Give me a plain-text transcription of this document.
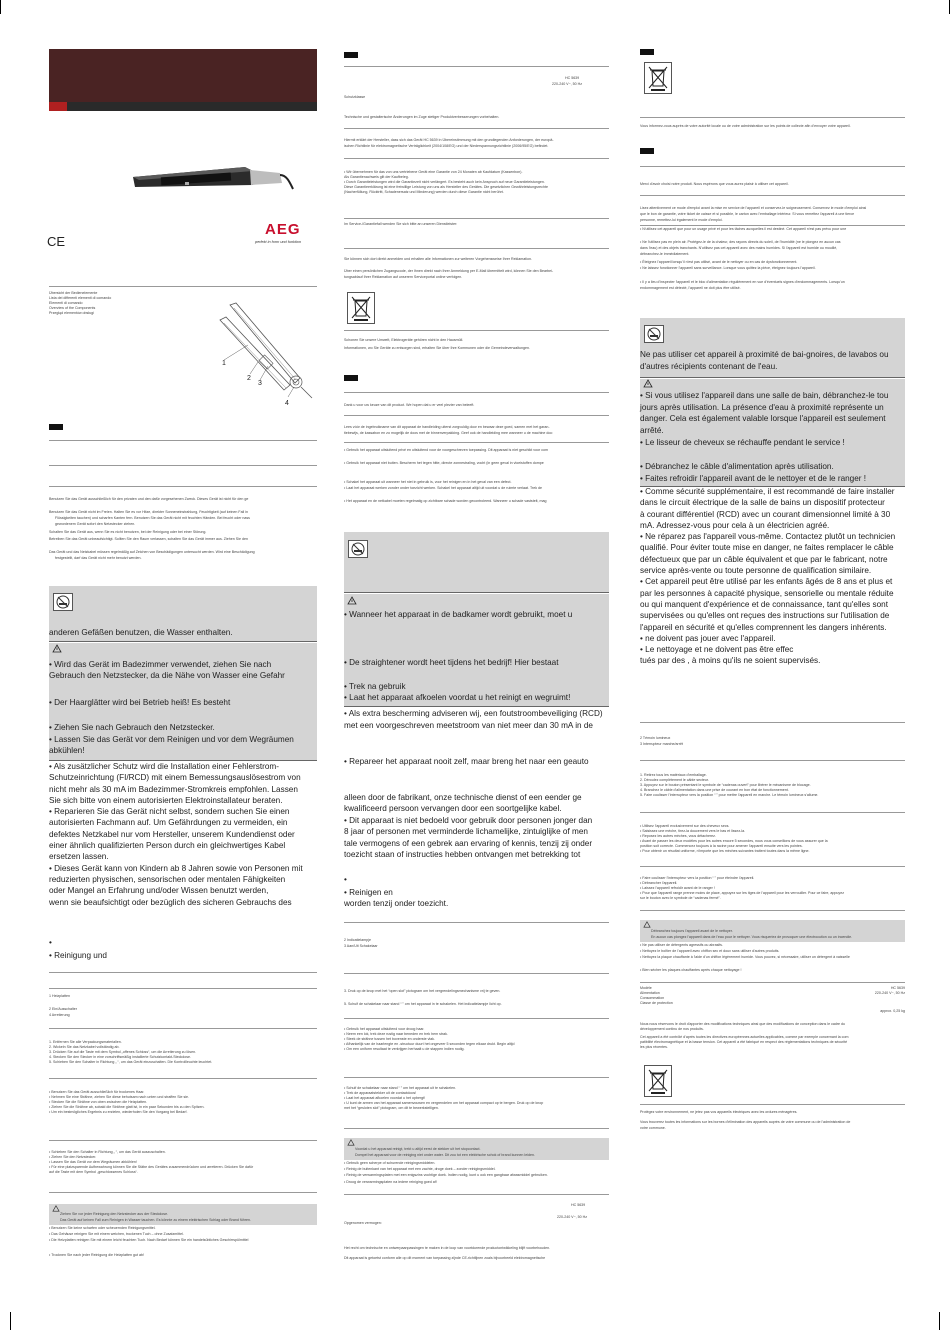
CE
AEG
perfekt in form und funktion
Übersicht der Bedienelemente
Lista dei differenti elementi di comando
Elementi di comando
Overview of the Components
Przegląd elementów obsługi
1
2
3
4
Benutzen Sie das Gerät ausschließlich für den privaten und den dafür vorgesehenen Zweck. Dieses Gerät ist nicht für den ge
Benutzen Sie das Gerät nicht im Freien. Halten Sie es vor Hitze, direkter Sonneneinstrahlung, Feuchtigkeit (auf keinen Fall in
Flüssigkeiten tauchen) und scharfen Kanten fern. Benutzen Sie das Gerät nicht mit feuchten Händen. Bei feucht oder nass
gewordenem Gerät sofort den Netzstecker ziehen.
Schalten Sie das Gerät aus, wenn Sie es nicht benutzen, bei der Reinigung oder bei einer Störung.
Betreiben Sie das Gerät unbeaufsichtigt. Sollten Sie den Raum verlassen, schalten Sie das Gerät immer aus. Ziehen Sie den
Das Gerät und das Netzkabel müssen regelmäßig auf Zeichen von Beschädigungen untersucht werden. Wird eine Beschädigung
festgestellt, darf das Gerät nicht mehr benutzt werden.
anderen Gefäßen benutzen, die Wasser enthalten.
• Wird das Gerät im Badezimmer verwendet, ziehen Sie nach
Gebrauch den Netzstecker, da die Nähe von Wasser eine Gefahr
• Der Haarglätter wird bei Betrieb heiß! Es besteht
• Ziehen Sie nach Gebrauch den Netzstecker.
• Lassen Sie das Gerät vor dem Reinigen und vor dem Wegräumen
abkühlen!
• Als zusätzlicher Schutz wird die Installation einer Fehlerstrom-
Schutzeinrichtung (FI/RCD) mit einem Bemessungsauslösestrom von
nicht mehr als 30 mA im Badezimmer-Stromkreis empfohlen. Lassen
Sie sich bitte von einem autorisierten Elektroinstallateur beraten.
• Reparieren Sie das Gerät nicht selbst, sondern suchen Sie einen
autorisierten Fachmann auf. Um Gefährdungen zu vermeiden, ein
defektes Netzkabel nur vom Hersteller, unserem Kundendienst oder
einer ähnlich qualifizierten Person durch ein gleichwertiges Kabel
ersetzen lassen.
• Dieses Gerät kann von Kindern ab 8 Jahren sowie von Personen mit
reduzierten physischen, sensorischen oder mentalen Fähigkeiten
oder Mangel an Erfahrung und/oder Wissen benutzt werden,
wenn sie beaufsichtigt oder bezüglich des sicheren Gebrauchs des
•
• Reinigung und
1 Heizplatten
2 Ein/Ausschalter
4 Arretierung
1. Entfernen Sie alle Verpackungsmaterialien.
2. Wickeln Sie das Netzkabel vollständig ab.
3. Drücken Sie auf die Taste mit dem Symbol „offenes Schloss“, um die Arretierung zu lösen.
4. Stecken Sie den Stecker in eine vorschriftsmäßig installierte Schutzkontakt-Steckdose.
5. Schieben Sie den Schalter in Richtung „ “, um das Gerät einzuschalten. Die Kontrollleuchte leuchtet.
• Benutzen Sie das Gerät ausschließlich für trockenes Haar.
• Nehmen Sie eine Strähne, ziehen Sie diese behutsam nach unten und straffen Sie sie.
• Stecken Sie die Strähne von oben zwischen die Heizplatten.
• Ziehen Sie die Strähne ab, sobald die Strähne glatt ist, in ein paar Sekunden bis zu den Spitzen.
• Um ein bestmögliches Ergebnis zu erzielen, wiederholen Sie den Vorgang bei Bedarf.
• Schieben Sie den Schalter in Richtung „ “, um das Gerät auszuschalten.
• Ziehen Sie den Netzstecker.
• Lassen Sie das Gerät vor dem Wegräumen abkühlen!
• Für eine platzsparende Aufbewahrung können Sie die Stäbe des Gerätes zusammendrücken und arretieren. Drücken Sie dafür
auf die Taste mit dem Symbol „geschlossenes Schloss“.
Ziehen Sie vor jeder Reinigung den Netzstecker aus der Steckdose.
Das Gerät auf keinen Fall zum Reinigen in Wasser tauchen. Es könnte zu einem elektrischen Schlag oder Brand führen.
• Benutzen Sie keine scharfen oder scheuernden Reinigungsmittel.
• Das Gehäuse reinigen Sie mit einem weichen, trockenen Tuch – ohne Zusatzmittel.
• Die Heizplatten reinigen Sie mit einem leicht feuchten Tuch. Nach Bedarf können Sie ein handelsübliches Geschirrspülmittel
• Trocknen Sie nach jeder Reinigung die Heizplatten gut ab!
HC 5639
220-240 V~, 50 Hz
Schutzklasse
Technische und gestalterische Änderungen im Zuge stetiger Produktverbesserungen vorbehalten.
Hiermit erklärt der Hersteller, dass sich das Gerät HC 5639 in Übereinstimmung mit den grundlegenden Anforderungen, der europä-
ischen Richtlinie für elektromagnetische Verträglichkeit (2004/108/EG) und der Niederspannungsrichtlinie (2006/95/EG) befindet.
• Wir übernehmen für das von uns vertriebene Gerät eine Garantie von 24 Monaten ab Kaufdatum (Kassenbon).
Als Garantienachweis gilt der Kaufbeleg.
• Durch Garantieleistungen wird die Garantiezeit nicht verlängert. Es besteht auch kein Anspruch auf neue Garantieleistungen.
Diese Garantieerklärung ist eine freiwillige Leistung von uns als Hersteller des Gerätes. Die gesetzlichen Gewährleistungsrechte
(Nacherfüllung, Rücktritt, Schadenersatz und Minderung) werden durch diese Garantie nicht berührt.
Im Service-/Garantiefall wenden Sie sich bitte an unseren Dienstleister:
Sie können sich dort direkt anmelden und erhalten alle Informationen zur weiteren Vorgehensweise Ihrer Reklamation.
Über einen persönlichen Zugangscode, der Ihnen direkt nach Ihrer Anmeldung per E-Mail übermittelt wird, können Sie den Bearbei-
tungsablauf Ihrer Reklamation auf unserem Serviceportal online verfolgen.
Schonen Sie unsere Umwelt, Elektrogeräte gehören nicht in den Hausmüll.
Informationen, wo Sie Geräte zu entsorgen sind, erhalten Sie über Ihre Kommunen oder die Gemeindeverwaltungen.
Dank u voor uw keuze van dit product. We hopen dat u er veel plezier van beleeft.
Lees vóór de ingebruikname van dit apparaat de handleiding uiterst zorgvuldig door en bewaar deze goed, samen met het garan-
tiebewijs, de kassabon en zo mogelijk de doos met de binnenverpakking. Geef ook de handleiding mee wanneer u de machine doo
• Gebruik het apparaat uitsluitend privé en uitsluitend voor de voorgeschreven toepassing. Dit apparaat is niet geschikt voor com
• Gebruik het apparaat niet buiten. Bescherm het tegen hitte, directe zonnestraling, vocht (in geen geval in vloeistoffen dompe
• Schakel het apparaat uit wanneer het niet in gebruik is, voor het reinigen en in het geval van een defect.
• Laat het apparaat werken zonder onder toezicht werken. Schakel het apparaat altijd uit voordat u de ruimte verlaat. Trek de
• Het apparaat en de netkabel moeten regelmatig op zichtbare schade worden gecontroleerd. Wanneer u schade vaststelt, mag
• Wanneer het apparaat in de badkamer wordt gebruikt, moet u
• De straightener wordt heet tijdens het bedrijf! Hier bestaat
• Trek na gebruik
• Laat het apparaat afkoelen voordat u het reinigt en wegruimt!
• Als extra bescherming adviseren wij, een foutstroombeveiliging (RCD)
met een voorgeschreven meetstroom van niet meer dan 30 mA in de
• Repareer het apparaat nooit zelf, maar breng het naar een geauto
alleen door de fabrikant, onze technische dienst of een eender ge
kwalificeerd persoon vervangen door een soortgelijke kabel.
• Dit apparaat is niet bedoeld voor gebruik door personen jonger dan
8 jaar of personen met verminderde lichamelijke, zintuiglijke of men
tale vermogens of een gebrek aan ervaring of kennis, tenzij zij onder
toezicht staan of instructies hebben ontvangen met betrekking tot
•
• Reinigen en
worden tenzij onder toezicht.
2 Indicatielampje
3 Aan/Uit Schakelaar
3. Druk op de knop met het “open slot” pictogram om het vergrendelingsmechanisme vrij te geven.
5. Schuif de schakelaar naar stand “ ” om het apparaat in te schakelen. Het indicatielampje licht op.
• Gebruik het apparaat uitsluitend voor droog haar.
• Neem een lok, trek deze rustig naar beneden en trek hem strak.
• Steek de strähne tussen het bovenste en onderste vlak.
• Afhankelijk van de haarlengte en -structuur duurt het ongeveer 5 seconden tegen elkaar drukt. Begin altijd
• Om een uniform resultaat te verkrijgen herhaalt u de stappen indien nodig.
• Schuif de schakelaar naar stand “ ” om het apparaat uit te schakelen.
• Trek de apparaatstekker uit de contactdoos!
• Laat het apparaat afkoelen voordat u het opbergt!
• U kunt de armen van het apparaat samenvouwen en vergrendelen om het apparaat compact op te bergen. Druk op de knop
met het “gesloten slot” pictogram, om dit te bewerkstelligen.
Voordat u het apparaat reinigt, trekt u altijd eerst de stekker uit het stopcontact.
Dompel het apparaat voor de reiniging niet onder water. Dit zou tot een elektrische schok of brand kunnen leiden.
• Gebruik geen scherpe of schurende reinigingsmiddelen.
• Reinig de buitenkant van het apparaat met een zachte, droge doek – zonder reinigingsmiddel.
• Reinig de verwarmingsplaten met een enigszins vochtige doek. Indien nodig, kunt u ook een gangbaar afwasmiddel gebruiken.
• Droog de verwarmingsplaten na iedere reiniging goed af!
HC 5639
220-240 V~, 50 Hz
Opgenomen vermogen:
Het recht om technische en ontwerpaanpassingen te maken in de loop van voortdurende productontwikkeling blijft voorbehouden.
Dit apparaat is getoetst conform alle op dit moment van toepassing zijnde CE-richtlijnen zoals bijvoorbeeld elektromagnetische
Vous informez-vous auprès de votre autorité locale ou de votre administration sur les points de collecte afin d'envoyer votre appareil.
Merci d'avoir choisi notre produit. Nous espérons que vous aurez plaisir à utiliser cet appareil.
Lisez attentivement ce mode d'emploi avant la mise en service de l'appareil et conservez-le soigneusement. Conservez le mode d'emploi ainsi
que le bon de garantie, votre ticket de caisse et si possible, le carton avec l'emballage intérieur. Si vous remettez l'appareil à une tierce
personne, remettez-lui également le mode d'emploi.
• N'utilisez cet appareil que pour un usage privé et pour les tâches auxquelles il est destiné. Cet appareil n'est pas prévu pour une
• Ne l'utilisez pas en plein air. Protégez-le de la chaleur, des rayons directs du soleil, de l'humidité (ne le plongez en aucun cas
dans l'eau) et des objets tranchants. N'utilisez pas cet appareil avec des mains humides. Si l'appareil est humide ou mouillé,
débranchez-le immédiatement.
• Éteignez l'appareil lorsqu'il n'est pas utilisé, avant de le nettoyer ou en cas de dysfonctionnement.
• Ne laissez fonctionner l'appareil sans surveillance. Lorsque vous quittez la pièce, éteignez toujours l'appareil.
• Il y a lieu d'inspecter l'appareil et le bloc d'alimentation régulièrement en vue d'éventuels signes d'endommagements. Lorsqu'un
endommagement est détecté, l'appareil ne doit plus être utilisé.
Ne pas utiliser cet appareil à proximité de bai-gnoires, de lavabos ou
d'autres récipients contenant de l'eau.
• Si vous utilisez l'appareil dans une salle de bain, débranchez-le tou
jours après utilisation. La présence d'eau à proximité représente un
danger. Cela est également valable lorsque l'appareil est seulement
arrêté.
• Le lisseur de cheveux se réchauffe pendant le service !
• Débranchez le câble d'alimentation après utilisation.
• Faites refroidir l'appareil avant de le nettoyer et de le ranger !
• Comme sécurité supplémentaire, il est recommandé de faire installer
dans le circuit électrique de la salle de bains un dispositif protecteur
à courant différentiel (RCD) avec un courant dimensionnel limité à 30
mA. Adressez-vous pour cela à un électricien agréé.
• Ne réparez pas l'appareil vous-même. Contactez plutôt un technicien
qualifié. Pour éviter toute mise en danger, ne faites remplacer le câble
défectueux que par un câble équivalent et que par le fabricant, notre
service après-vente ou toute personne de qualification similaire.
• Cet appareil peut être utilisé par les enfants âgés de 8 ans et plus et
par les personnes à capacité physique, sensorielle ou mentale réduite
ou qui manquent d'expérience et de connaissance, tant qu'elles sont
supervisées ou qu'elles ont reçues des instructions sur l'utilisation de
l'appareil en sécurité et qu'elles comprennent les dangers inhérents.
• ne doivent pas jouer avec l'appareil.
• Le nettoyage et ne doivent pas être effec
tués par des , à moins qu'ils ne soient supervisés.
2 Témoin lumineux
3 Interrupteur marche/arrêt
1. Retirez tous les matériaux d'emballage.
2. Déroulez complètement le câble secteur.
3. Appuyez sur le bouton présentant le symbole de “cadenas ouvert” pour libérer le mécanisme de blocage.
4. Branchez le câble d'alimentation dans une prise de courant en bon état de fonctionnement.
5. Faire coulisser l'interrupteur vers la position “ ” pour mettre l'appareil en marche. Le témoin lumineux s'allume.
• Utilisez l'appareil exclusivement sur des cheveux secs.
• Saisissez une mèche, tirez-la doucement vers le bas et lissez-la.
• Reposez les autres mèches, vous détacherez.
• Avant de passer les deux modèles pour les autres encore 5 secondes, nous vous conseillons de vous assurer que la
position soit correcte. Commencez toujours à la racine pour amener l'appareil ensuite vers les pointes.
• Pour obtenir un résultat uniforme, n'importe que les mèches suivantes traitent toutes dans la même ligne.
• Faire coulisser l'interrupteur vers la position “ ” pour éteindre l'appareil.
• Débrancher l'appareil.
• Laissez l'appareil refroidir avant de le ranger !
• Pour que l'appareil range prenne moins de place, appuyez sur les tiges de l'appareil pour les verrouiller. Pour ce faire, appuyez
sur le bouton avec le symbole de “cadenas fermé”.
Débranchez toujours l'appareil avant de le nettoyer.
En aucun cas plongez l'appareil dans de l'eau pour le nettoyer. Vous risqueriez de provoquer une électrocution ou un incendie.
• Ne pas utiliser de détergents agressifs ou abrasifs.
• Nettoyez le boîtier de l'appareil avec chiffon sec et doux sans utiliser d'autres produits.
• Nettoyez la plaque chauffante à l'aide d'un chiffon légèrement humide. Vous pouvez, si nécessaire, utiliser un détergent à vaisselle
• Bien sécher les plaques chauffantes après chaque nettoyage !
Modèle	HC 5639
Alimentation	220-240 V~, 50 Hz
Consommation
Classe de protection
approx. 0,25 kg
Nous nous réservons le droit d'apporter des modifications techniques ainsi que des modifications de conception dans le cadre du
développement continu de nos produits.
Cet appareil a été contrôlé d'après toutes les directives européennes actuelles applicables, comme par exemple concernant la com
patibilité électromagnétique et la basse tension. Cet appareil a été fabriqué en respect des réglementations techniques de sécurité
les plus récentes.
Protégez votre environnement, ne jetez pas vos appareils électriques avec les ordures ménagères.
Vous trouverez toutes les informations sur les bornes d'élimination des appareils auprès de votre commune ou de l'administration de
votre commune.
